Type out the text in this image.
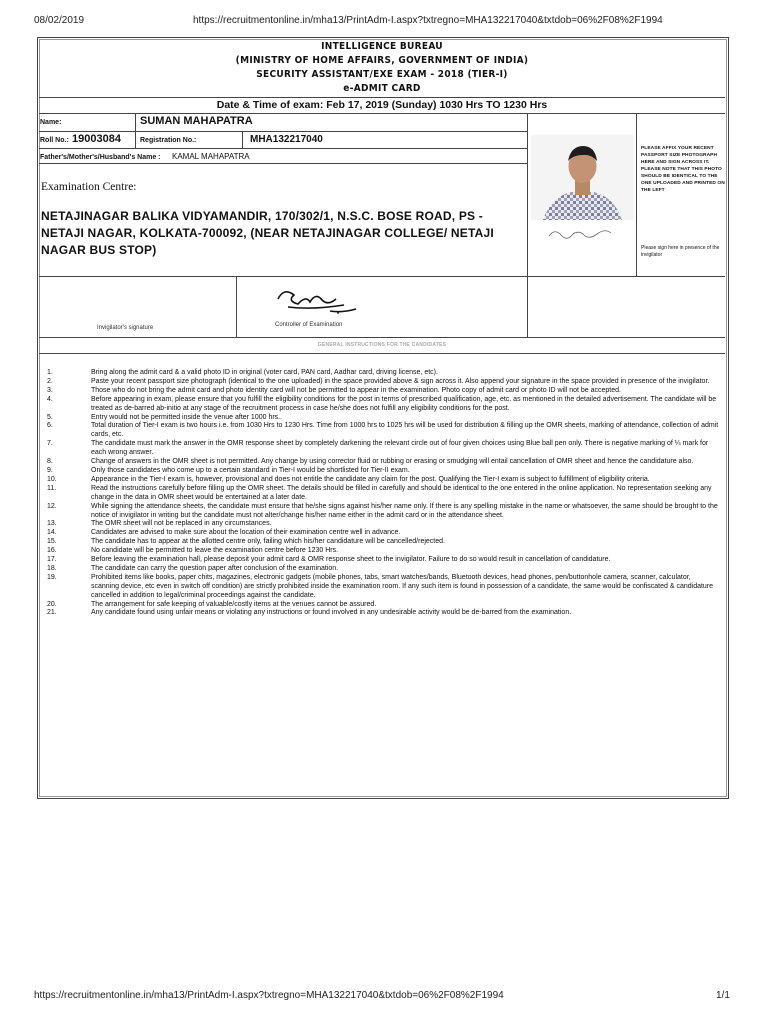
08/02/2019	https://recruitmentonline.in/mha13/PrintAdm-I.aspx?txtregno=MHA132217040&txtdob=06%2F08%2F1994
INTELLIGENCE BUREAU
(MINISTRY OF HOME AFFAIRS, GOVERNMENT OF INDIA)
SECURITY ASSISTANT/EXE EXAM - 2018 (TIER-I)
e-ADMIT CARD
Date & Time of exam: Feb 17, 2019 (Sunday) 1030 Hrs TO 1230 Hrs
Name:	SUMAN MAHAPATRA
Roll No.: 19003084	Registration No.:	MHA132217040
Father's/Mother's/Husband's Name : KAMAL MAHAPATRA
Examination Centre:
NETAJINAGAR BALIKA VIDYAMANDIR, 170/302/1, N.S.C. BOSE ROAD, PS - NETAJI NAGAR, KOLKATA-700092, (NEAR NETAJINAGAR COLLEGE/ NETAJI NAGAR BUS STOP)
PLEASE AFFIX YOUR RECENT PASSPORT SIZE PHOTOGRAPH HERE AND SIGN ACROSS IT. PLEASE NOTE THAT THIS PHOTO SHOULD BE IDENTICAL TO THE ONE UPLOADED AND PRINTED ON THE LEFT
Please sign here in presence of the invigilator
Invigilator's signature	Controller of Examination
GENERAL INSTRUCTIONS FOR THE CANDIDATES
1.	Bring along the admit card & a valid photo ID in original (voter card, PAN card, Aadhar card, driving license, etc).
2.	Paste your recent passport size photograph (identical to the one uploaded) in the space provided above & sign across it. Also append your signature in the space provided in presence of the invigilator.
3.	Those who do not bring the admit card and photo identity card will not be permitted to appear in the examination. Photo copy of admit card or photo ID will not be accepted.
4.	Before appearing in exam, please ensure that you fulfill the eligibility conditions for the post in terms of prescribed qualification, age, etc. as mentioned in the detailed advertisement. The candidate will be treated as de-barred ab-initio at any stage of the recruitment process in case he/she does not fulfill any eligibility conditions for the post.
5.	Entry would not be permitted inside the venue after 1000 hrs..
6.	Total duration of Tier-I exam is two hours i.e. from 1030 Hrs to 1230 Hrs. Time from 1000 hrs to 1025 hrs will be used for distribution & filling up the OMR sheets, marking of attendance, collection of admit cards, etc.
7.	The candidate must mark the answer in the OMR response sheet by completely darkening the relevant circle out of four given choices using Blue ball pen only. There is negative marking of ¼ mark for each wrong answer.
8.	Change of answers in the OMR sheet is not permitted. Any change by using corrector fluid or rubbing or erasing or smudging will entail cancellation of OMR sheet and hence the candidature also.
9.	Only those candidates who come up to a certain standard in Tier-I would be shortlisted for Tier-II exam.
10.	Appearance in the Tier-I exam is, however, provisional and does not entitle the candidate any claim for the post. Qualifying the Tier-I exam is subject to fulfillment of eligibility criteria.
11.	Read the instructions carefully before filling up the OMR sheet. The details should be filled in carefully and should be identical to the one entered in the online application. No representation seeking any change in the data in OMR sheet would be entertained at a later date.
12.	While signing the attendance sheets, the candidate must ensure that he/she signs against his/her name only. If there is any spelling mistake in the name or whatsoever, the same should be brought to the notice of invigilator in writing but the candidate must not alter/change his/her name either in the admit card or in the attendance sheet.
13.	The OMR sheet will not be replaced in any circumstances.
14.	Candidates are advised to make sure about the location of their examination centre well in advance.
15.	The candidate has to appear at the allotted centre only, failing which his/her candidature will be cancelled/rejected.
16.	No candidate will be permitted to leave the examination centre before 1230 Hrs.
17.	Before leaving the examination hall, please deposit your admit card & OMR response sheet to the invigilator. Failure to do so would result in cancellation of candidature.
18.	The candidate can carry the question paper after conclusion of the examination.
19.	Prohibited items like books, paper chits, magazines, electronic gadgets (mobile phones, tabs, smart watches/bands, Bluetooth devices, head phones, pen/buttonhole camera, scanner, calculator, scanning device, etc even in switch off condition) are strictly prohibited inside the examination room. If any such item is found in possession of a candidate, the same would be confiscated & candidature cancelled in addition to legal/criminal proceedings against the candidate.
20.	The arrangement for safe keeping of valuable/costly items at the venues cannot be assured.
21.	Any candidate found using unfair means or violating any instructions or found involved in any undesirable activity would be de-barred from the examination.
https://recruitmentonline.in/mha13/PrintAdm-I.aspx?txtregno=MHA132217040&txtdob=06%2F08%2F1994	1/1
